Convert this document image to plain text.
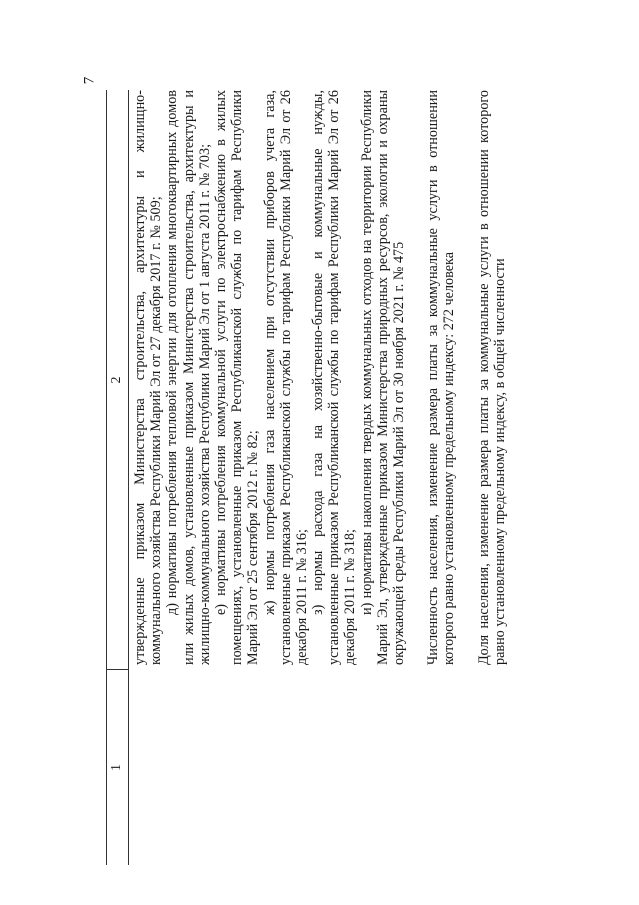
7
1
2 утвержденные приказом Министерства строительства, архитектуры и жилищно-коммунального хозяйства Республики Марий Эл от 27 декабря 2017 г. № 509; д) нормативы потребления тепловой энергии для отопления многоквартирных домов или жилых домов, установленные приказом Министерства строительства, архитектуры и жилищно-коммунального хозяйства Республики Марий Эл от 1 августа 2011 г. № 703; е) нормативы потребления коммунальной услуги по электроснабжению в жилых помещениях, установленные приказом Республиканской службы по тарифам Республики Марий Эл от 25 сентября 2012 г. № 82; ж) нормы потребления газа населением при отсутствии приборов учета газа, установленные приказом Республиканской службы по тарифам Республики Марий Эл от 26 декабря 2011 г. № 316; з) нормы расхода газа на хозяйственно-бытовые и коммунальные нужды, установленные приказом Республиканской службы по тарифам Республики Марий Эл от 26 декабря 2011 г. № 318; и) нормативы накопления твердых коммунальных отходов на территории Республики Марий Эл, утвержденные приказом Министерства природных ресурсов, экологии и охраны окружающей среды Республики Марий Эл от 30 ноября 2021 г. № 475 Численность населения, изменение размера платы за коммунальные услуги в отношении которого равно установленному предельному индексу: 272 человека Доля населения, изменение размера платы за коммунальные услуги в отношении которого равно установленному предельному индексу, в общей численности
